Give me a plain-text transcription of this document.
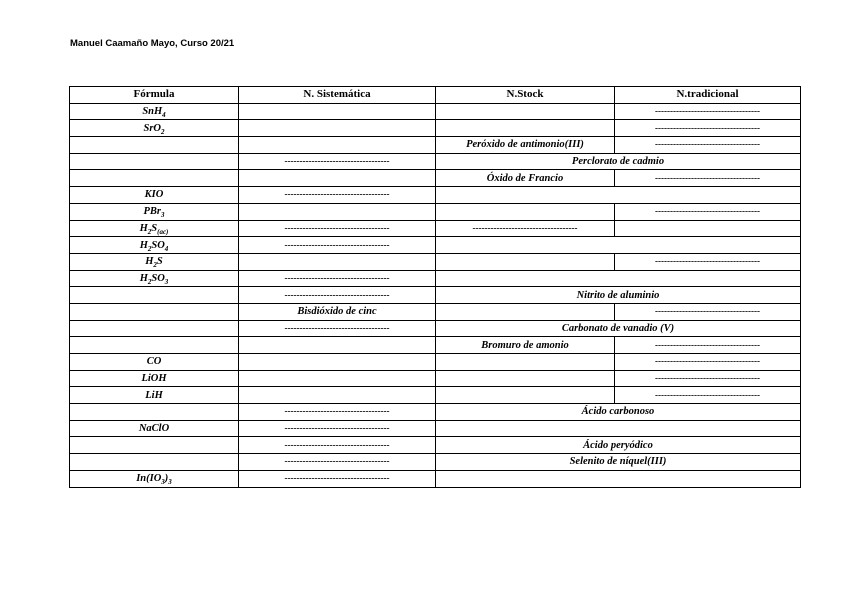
Manuel Caamaño Mayo, Curso 20/21
Fórmula	N. Sistemática	N.Stock	N.tradicional
SnH$_4$			-----------------------------------
SrO$_2$			-----------------------------------
		Peróxido de antimonio(III)	-----------------------------------
	-----------------------------------	Perclorato de cadmio	
		Óxido de Francio	-----------------------------------
KIO	-----------------------------------		
PBr$_3$			-----------------------------------
$H_2S_{(ac)}$	-----------------------------------	-----------------------------------	
$H_2SO_4$	-----------------------------------		
$H_2S$			-----------------------------------
$H_2SO_3$	-----------------------------------		
	-----------------------------------	Nitrito de aluminio	
	Bisdióxido de cinc		-----------------------------------
	-----------------------------------	Carbonato de vanadio (V)	
		Bromuro de amonio	-----------------------------------
CO			-----------------------------------
LiOH			-----------------------------------
LiH			-----------------------------------
	-----------------------------------	Ácido carbonoso	
NaClO	-----------------------------------		
	-----------------------------------	Ácido peryódico	
	-----------------------------------	Selenito de níquel(III)	
$In(IO_3)_3$	-----------------------------------		
